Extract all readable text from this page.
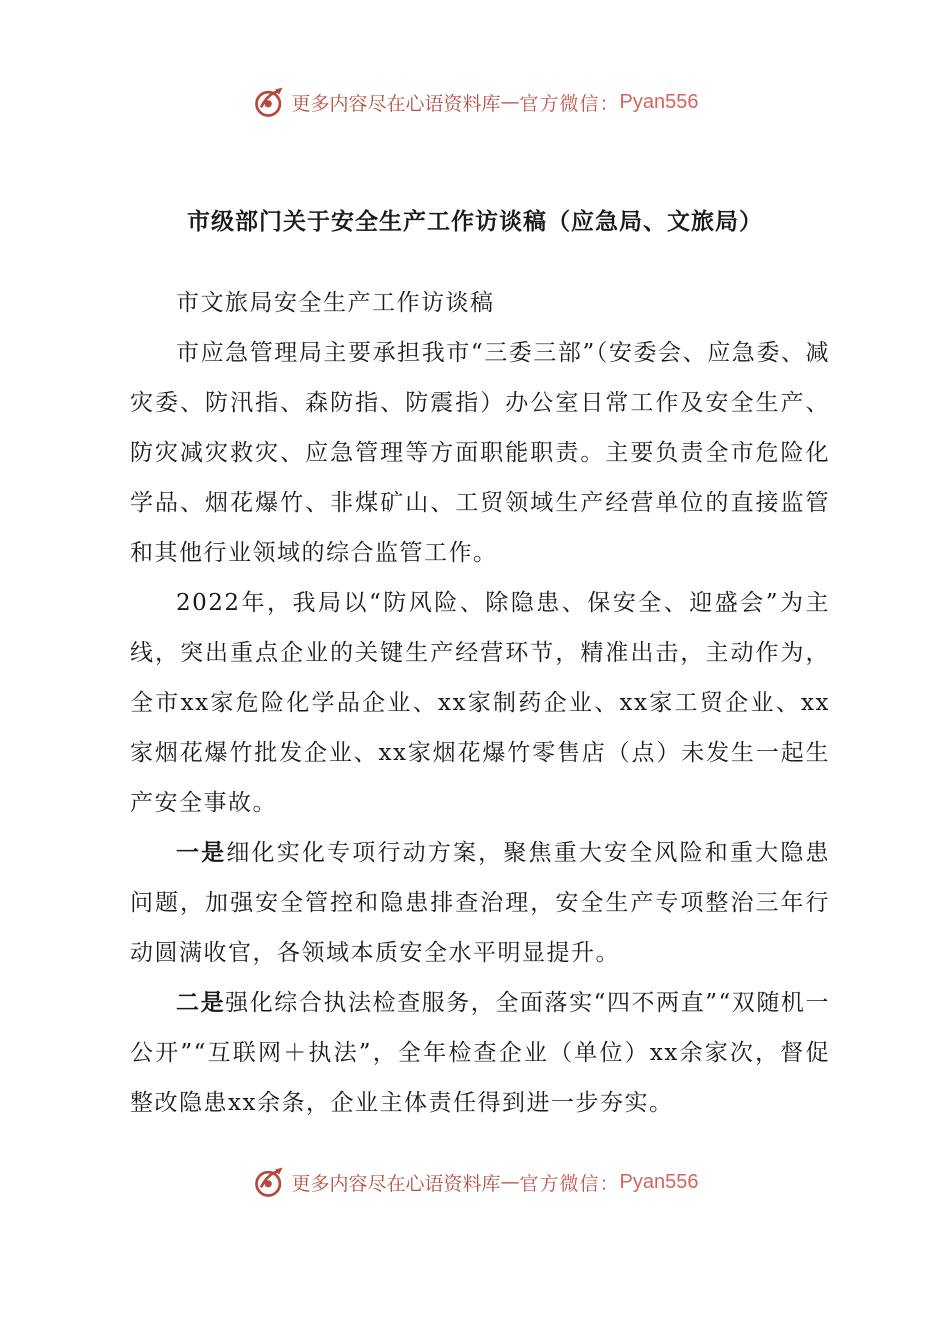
更多内容尽在心语资料库 — 官方微信： Pyan556
市级部门关于安全生产工作访谈稿（应急局、文旅局）

市文旅局安全生产工作访谈稿

市应急管理局主要承担我市“三委三部”（安委会、应急委、减灾委、防汛指、森防指、防震指）办公室日常工作及安全生产、防灾减灾救灾、应急管理等方面职能职责。主要负责全市危险化学品、烟花爆竹、非煤矿山、工贸领域生产经营单位的直接监管和其他行业领域的综合监管工作。

2022年，我局以“防风险、除隐患、保安全、迎盛会”为主线，突出重点企业的关键生产经营环节，精准出击，主动作为，全市xx家危险化学品企业、xx家制药企业、xx家工贸企业、xx家烟花爆竹批发企业、xx家烟花爆竹零售店（点）未发生一起生产安全事故。

一是细化实化专项行动方案，聚焦重大安全风险和重大隐患问题，加强安全管控和隐患排查治理，安全生产专项整治三年行动圆满收官，各领域本质安全水平明显提升。

二是强化综合执法检查服务，全面落实“四不两直”“双随机一公开”“互联网＋执法”，全年检查企业（单位）xx余家次，督促整改隐患xx余条，企业主体责任得到进一步夯实。

更多内容尽在心语资料库 — 官方微信： Pyan556
